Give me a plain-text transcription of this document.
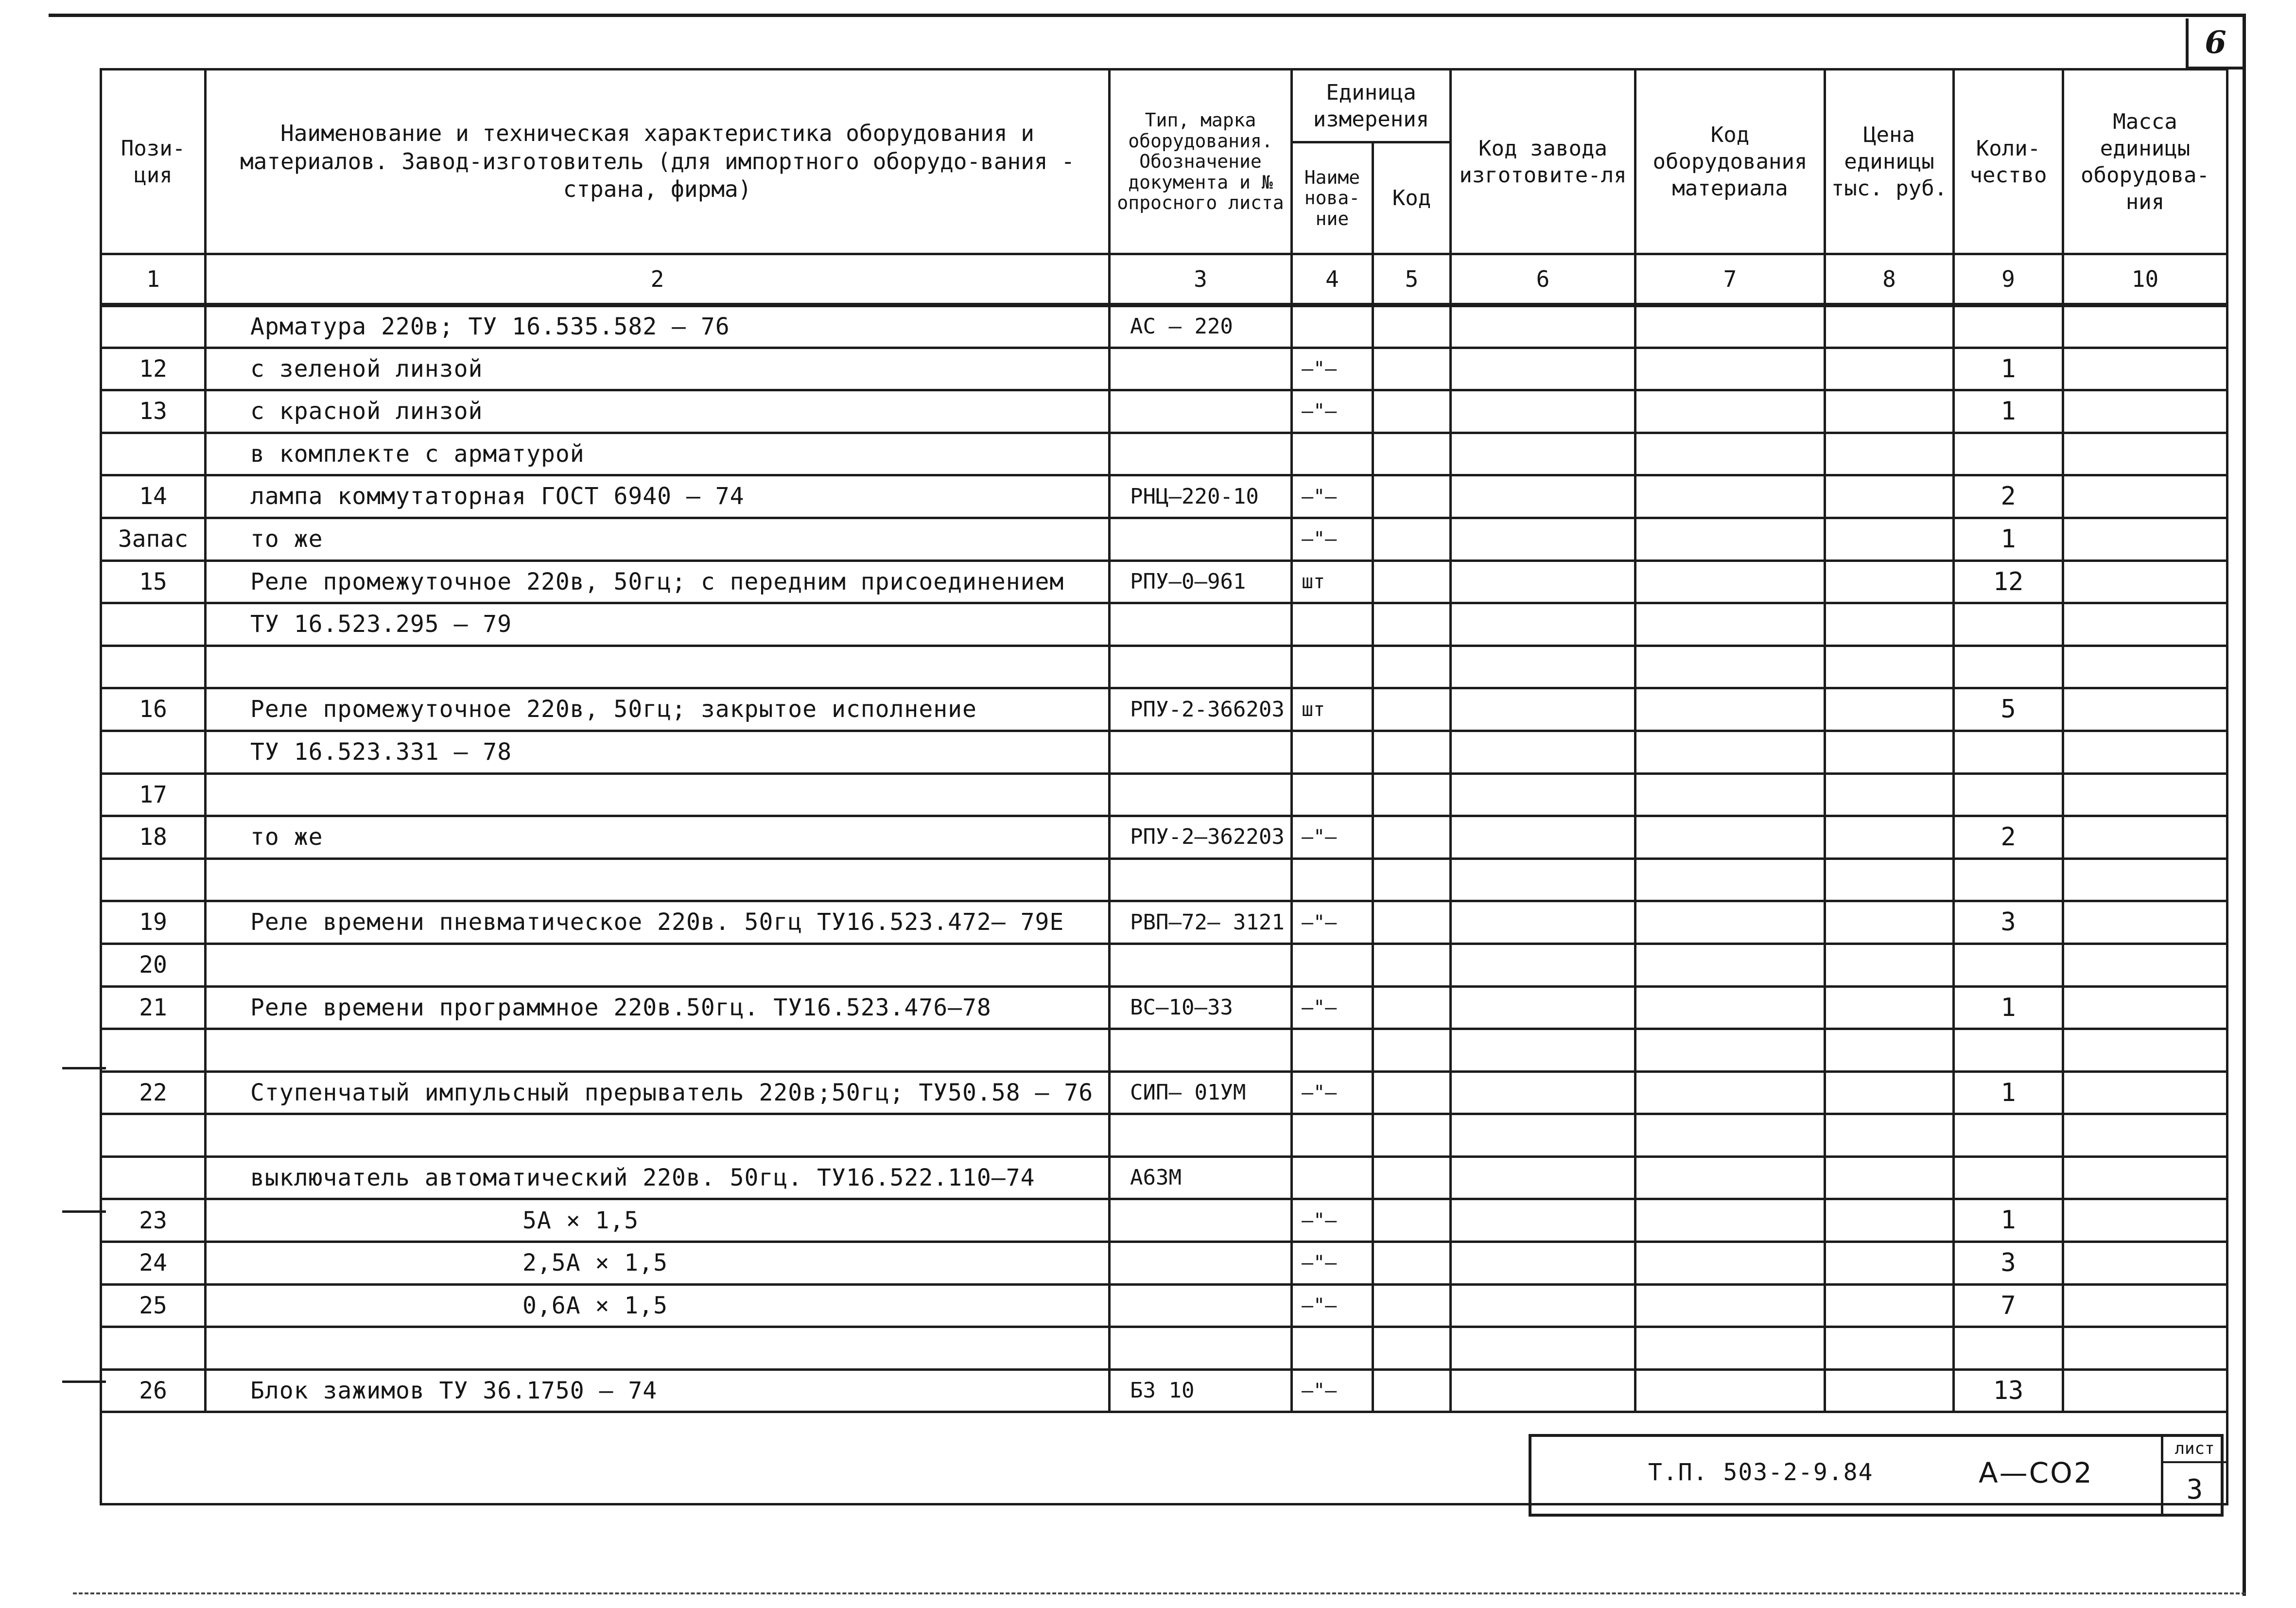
6
Пози-ция	Наименование и техническая характеристика оборудования и материалов. Завод-изготовитель (для импортного оборудо-вания - страна, фирма)	Тип, марка оборудования. Обозначение документа и № опросного листа	Единица измерения		Код завода изготовите-ля	Код оборудования материала	Цена единицы тыс. руб.	Коли-чество	Масса единицы оборудова-ния
			Наиме нова-ние	Код					
1	2	3	4	5	6	7	8	9	10
	Арматура 220в; ТУ 16.535.582 — 76	АС — 220							
12	с зеленой линзой		—"—					1	
13	с красной линзой		—"—					1	
	в комплекте с арматурой								
14	лампа коммутаторная ГОСТ 6940 — 74	РНЦ—220-10	—"—					2	
Запас	то же		—"—					1	
15	Реле промежуточное 220в, 50гц; с передним присоединением	РПУ—0—961	шт					12	
	ТУ 16.523.295 — 79								

16	Реле промежуточное 220в, 50гц; закрытое исполнение	РПУ-2-366203	шт					5	
	ТУ 16.523.331 — 78								
17									
18	то же	РПУ-2—362203	—"—					2	

19	Реле времени пневматическое 220в. 50гц ТУ16.523.472— 79Е	РВП—72— 3121	—"—					3	
20									
21	Реле времени программное 220в.50гц. ТУ16.523.476—78	ВС—10—33	—"—					1	

22	Ступенчатый импульсный прерыватель 220в;50гц; ТУ50.58 — 76	СИП— 01УМ	—"—					1	

	выключатель автоматический 220в. 50гц. ТУ16.522.110—74	А63М							
23	5А × 1,5		—"—					1	
24	2,5А × 1,5		—"—					3	
25	0,6А × 1,5		—"—					7	

26	Блок зажимов ТУ 36.1750 — 74	Б3 10	—"—					13	

Т.П. 503-2-9.84	А—СО2
лист
3
